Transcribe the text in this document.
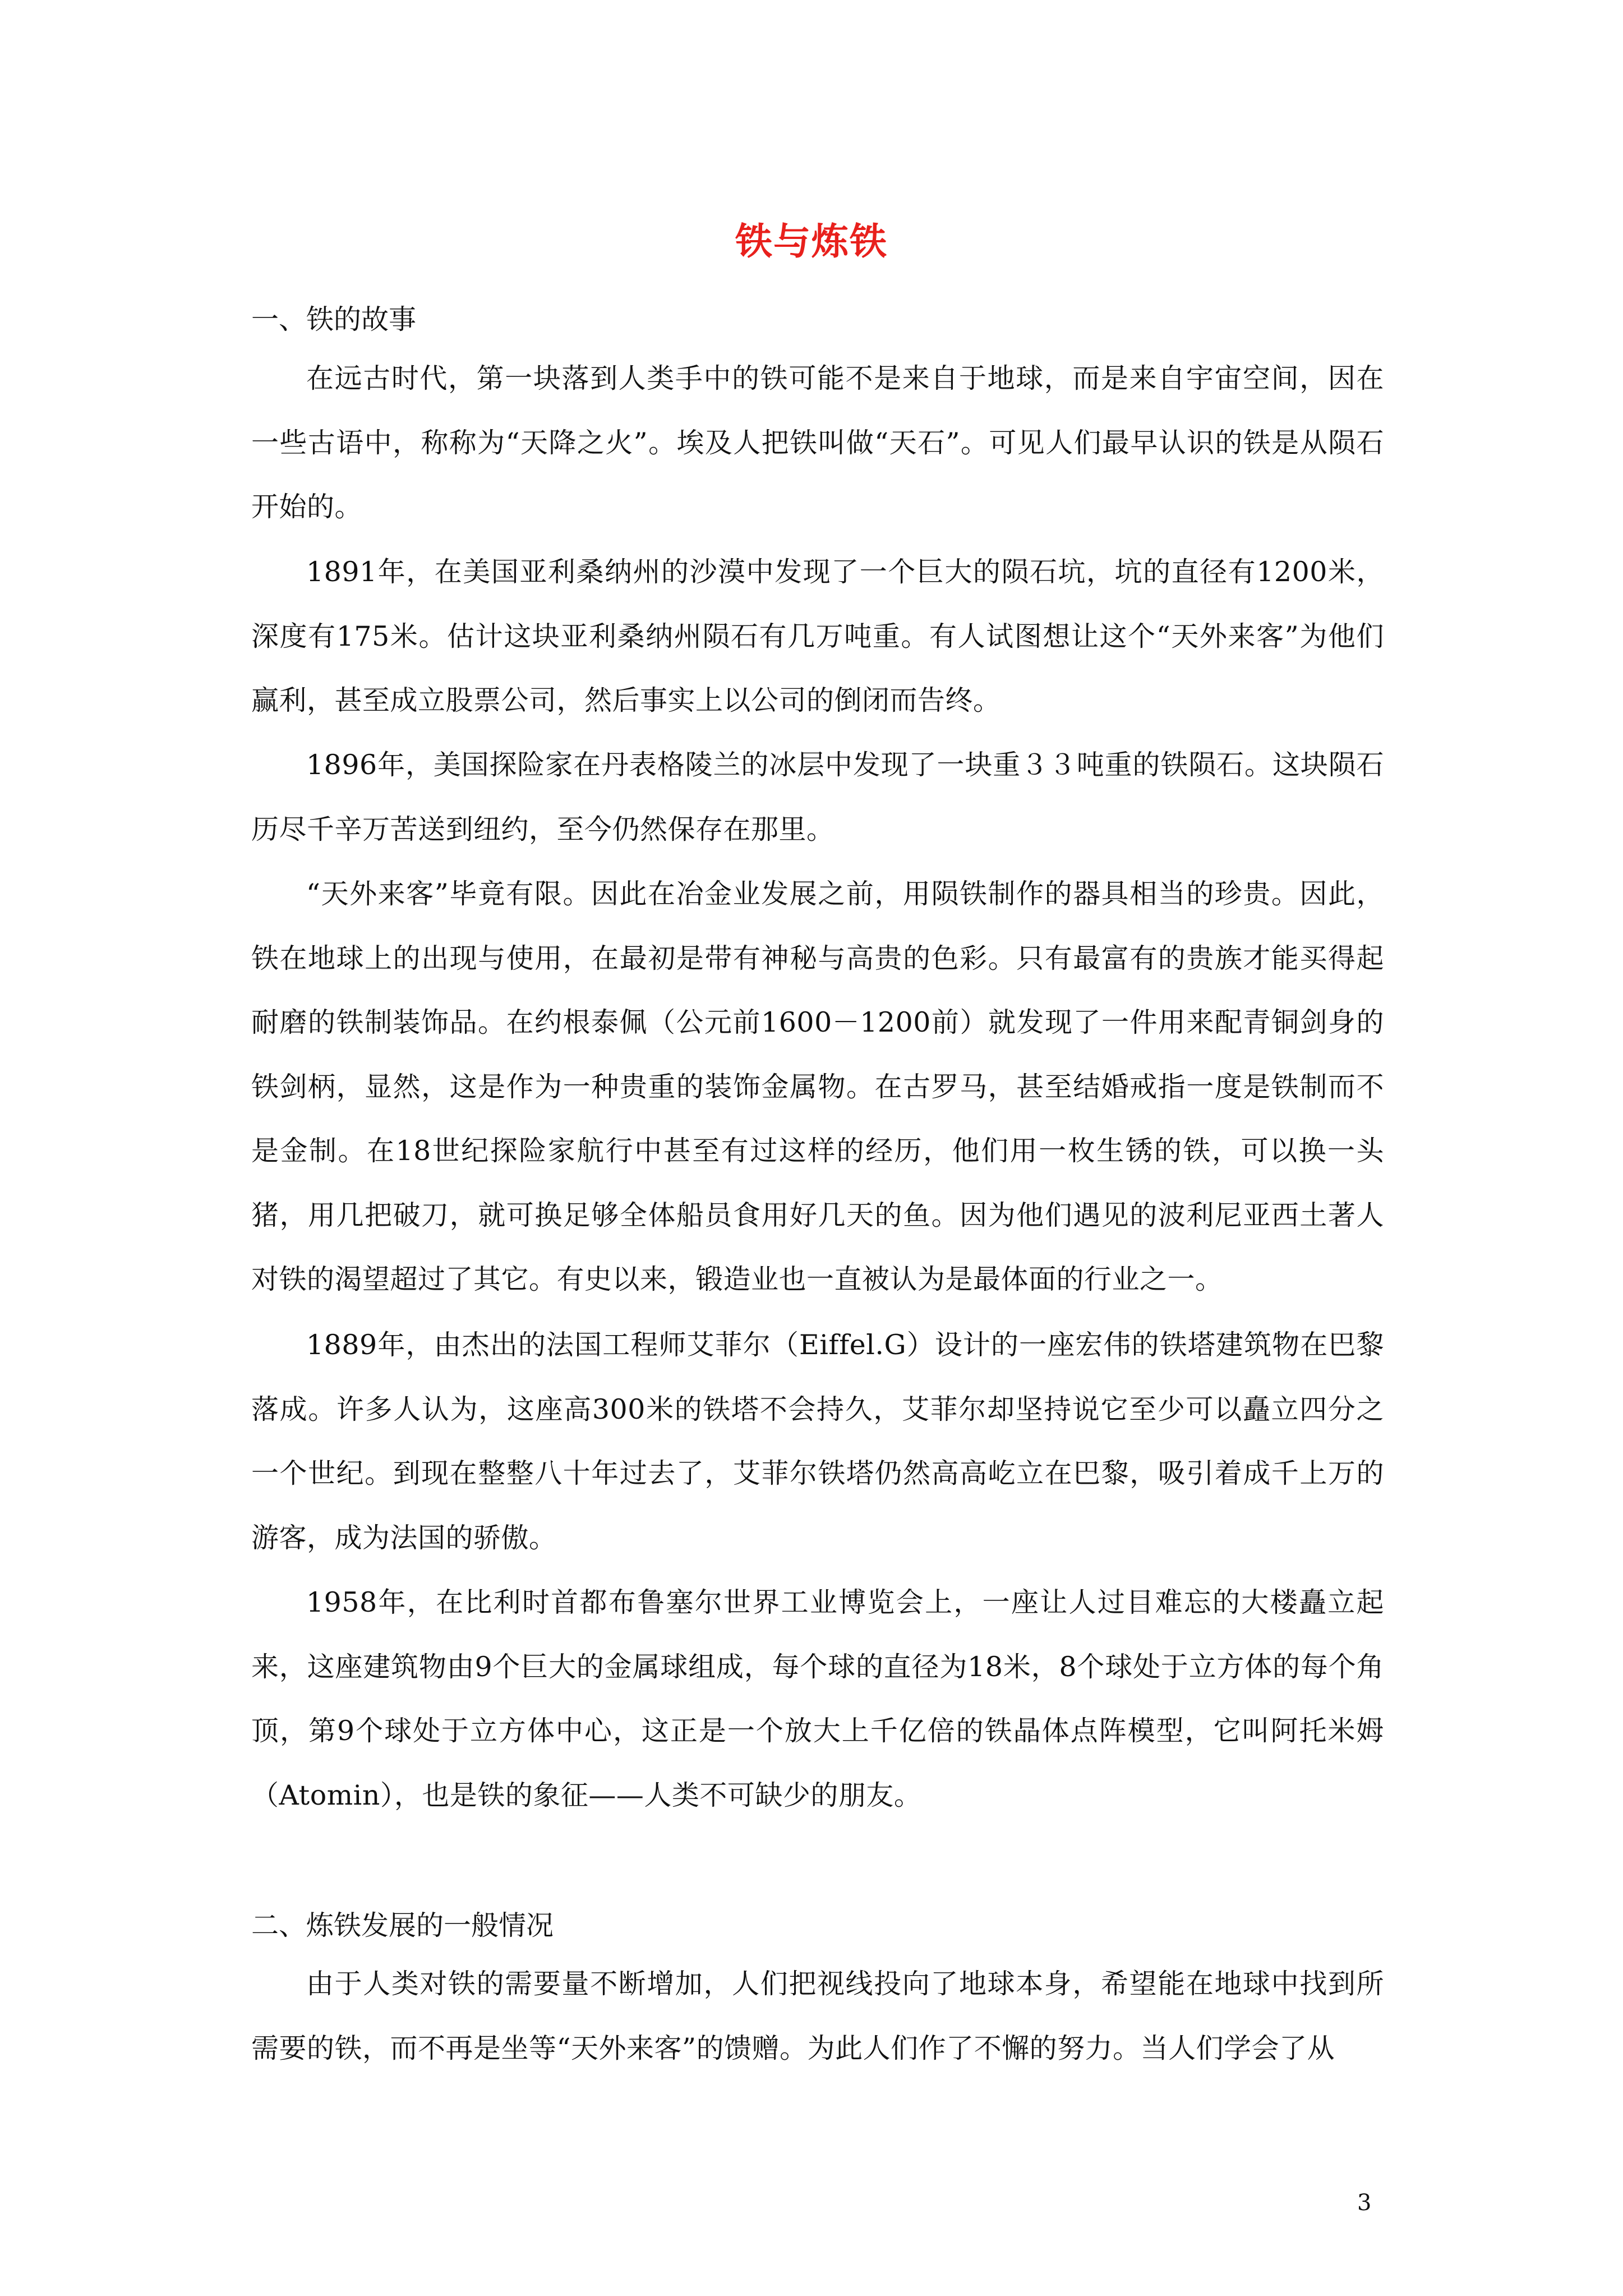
铁与炼铁
一、铁的故事
在远古时代，第一块落到人类手中的铁可能不是来自于地球，而是来自宇宙空间，因在一些古语中，称称为“天降之火”。埃及人把铁叫做“天石”。可见人们最早认识的铁是从陨石开始的。
1891年，在美国亚利桑纳州的沙漠中发现了一个巨大的陨石坑，坑的直径有1200米，深度有175米。估计这块亚利桑纳州陨石有几万吨重。有人试图想让这个“天外来客”为他们赢利，甚至成立股票公司，然后事实上以公司的倒闭而告终。
1896年，美国探险家在丹表格陵兰的冰层中发现了一块重３３吨重的铁陨石。这块陨石历尽千辛万苦送到纽约，至今仍然保存在那里。
“天外来客”毕竟有限。因此在冶金业发展之前，用陨铁制作的器具相当的珍贵。因此，铁在地球上的出现与使用，在最初是带有神秘与高贵的色彩。只有最富有的贵族才能买得起耐磨的铁制装饰品。在约根泰佩（公元前1600－1200前）就发现了一件用来配青铜剑身的铁剑柄，显然，这是作为一种贵重的装饰金属物。在古罗马，甚至结婚戒指一度是铁制而不是金制。在18世纪探险家航行中甚至有过这样的经历，他们用一枚生锈的铁，可以换一头猪，用几把破刀，就可换足够全体船员食用好几天的鱼。因为他们遇见的波利尼亚西土著人对铁的渴望超过了其它。有史以来，锻造业也一直被认为是最体面的行业之一。
1889年，由杰出的法国工程师艾菲尔（Eiffel.G）设计的一座宏伟的铁塔建筑物在巴黎落成。许多人认为，这座高300米的铁塔不会持久，艾菲尔却坚持说它至少可以矗立四分之一个世纪。到现在整整八十年过去了，艾菲尔铁塔仍然高高屹立在巴黎，吸引着成千上万的游客，成为法国的骄傲。
1958年，在比利时首都布鲁塞尔世界工业博览会上，一座让人过目难忘的大楼矗立起来，这座建筑物由9个巨大的金属球组成，每个球的直径为18米，8个球处于立方体的每个角顶，第9个球处于立方体中心，这正是一个放大上千亿倍的铁晶体点阵模型，它叫阿托米姆（Atomin），也是铁的象征——人类不可缺少的朋友。
二、炼铁发展的一般情况
由于人类对铁的需要量不断增加，人们把视线投向了地球本身，希望能在地球中找到所需要的铁，而不再是坐等“天外来客”的馈赠。为此人们作了不懈的努力。当人们学会了从
3
